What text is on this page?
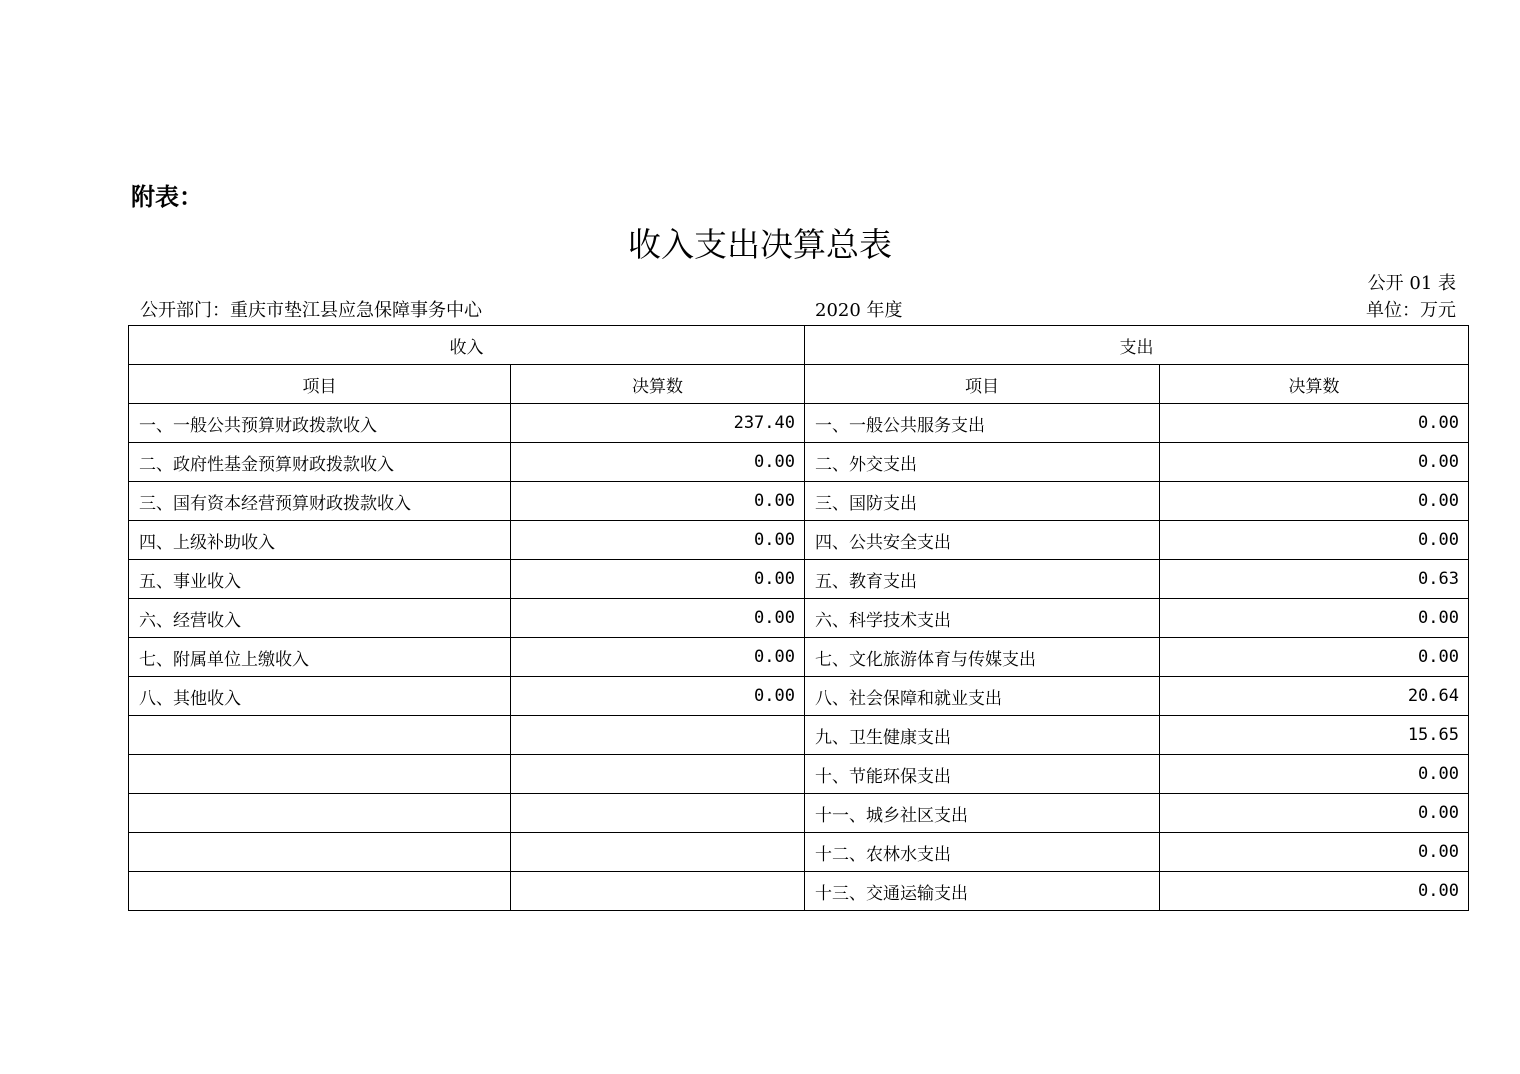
附表：
收入支出决算总表
公开 01 表
公开部门：重庆市垫江县应急保障事务中心	2020 年度	单位：万元
收入		支出	
项目	决算数	项目	决算数
一、一般公共预算财政拨款收入	237.40	一、一般公共服务支出	0.00
二、政府性基金预算财政拨款收入	0.00	二、外交支出	0.00
三、国有资本经营预算财政拨款收入	0.00	三、国防支出	0.00
四、上级补助收入	0.00	四、公共安全支出	0.00
五、事业收入	0.00	五、教育支出	0.63
六、经营收入	0.00	六、科学技术支出	0.00
七、附属单位上缴收入	0.00	七、文化旅游体育与传媒支出	0.00
八、其他收入	0.00	八、社会保障和就业支出	20.64
		九、卫生健康支出	15.65
		十、节能环保支出	0.00
		十一、城乡社区支出	0.00
		十二、农林水支出	0.00
		十三、交通运输支出	0.00
